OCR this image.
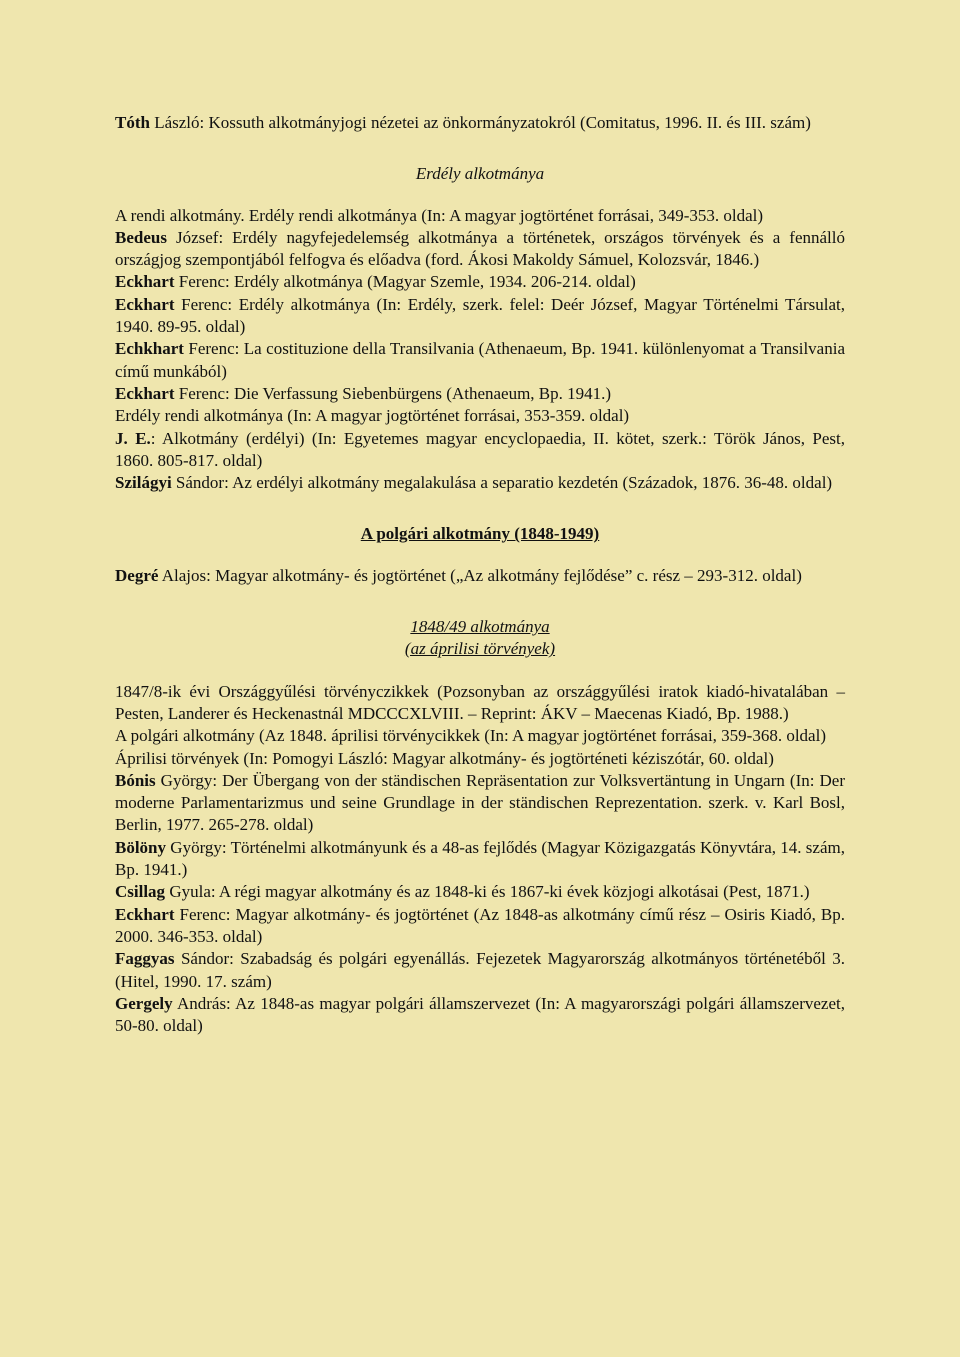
Tóth László: Kossuth alkotmányjogi nézetei az önkormányzatokról (Comitatus, 1996. II. és III. szám)

Erdély alkotmánya

A rendi alkotmány. Erdély rendi alkotmánya (In: A magyar jogtörténet forrásai, 349-353. oldal)

Bedeus József: Erdély nagyfejedelemség alkotmánya a történetek, országos törvények és a fennálló országjog szempontjából felfogva és előadva (ford. Ákosi Makoldy Sámuel, Kolozsvár, 1846.)

Eckhart Ferenc: Erdély alkotmánya (Magyar Szemle, 1934. 206-214. oldal)

Eckhart Ferenc: Erdély alkotmánya (In: Erdély, szerk. felel: Deér József, Magyar Történelmi Társulat, 1940. 89-95. oldal)

Echkhart Ferenc: La costituzione della Transilvania (Athenaeum, Bp. 1941. különlenyomat a Transilvania című munkából)

Eckhart Ferenc: Die Verfassung Siebenbürgens (Athenaeum, Bp. 1941.)

Erdély rendi alkotmánya (In: A magyar jogtörténet forrásai, 353-359. oldal)

J. E.: Alkotmány (erdélyi) (In: Egyetemes magyar encyclopaedia, II. kötet, szerk.: Török János, Pest, 1860. 805-817. oldal)

Szilágyi Sándor: Az erdélyi alkotmány megalakulása a separatio kezdetén (Századok, 1876. 36-48. oldal)

A polgári alkotmány (1848-1949)

Degré Alajos: Magyar alkotmány- és jogtörténet („Az alkotmány fejlődése” c. rész – 293-312. oldal)

1848/49 alkotmánya

(az áprilisi törvények)

1847/8-ik évi Országgyűlési törvényczikkek (Pozsonyban az országgyűlési iratok kiadó-hivatalában – Pesten, Landerer és Heckenastnál MDCCCXLVIII. – Reprint: ÁKV – Maecenas Kiadó, Bp. 1988.)

A polgári alkotmány (Az 1848. áprilisi törvénycikkek (In: A magyar jogtörténet forrásai, 359-368. oldal)

Áprilisi törvények (In: Pomogyi László: Magyar alkotmány- és jogtörténeti kéziszótár, 60. oldal)

Bónis György: Der Übergang von der ständischen Repräsentation zur Volksvertäntung in Ungarn (In: Der moderne Parlamentarizmus und seine Grundlage in der ständischen Reprezentation. szerk. v. Karl Bosl, Berlin, 1977. 265-278. oldal)

Bölöny György: Történelmi alkotmányunk és a 48-as fejlődés (Magyar Közigazgatás Könyvtára, 14. szám, Bp. 1941.)

Csillag Gyula: A régi magyar alkotmány és az 1848-ki és 1867-ki évek közjogi alkotásai (Pest, 1871.)

Eckhart Ferenc: Magyar alkotmány- és jogtörténet (Az 1848-as alkotmány című rész – Osiris Kiadó, Bp. 2000. 346-353. oldal)

Faggyas Sándor: Szabadság és polgári egyenállás. Fejezetek Magyarország alkotmányos történetéből 3. (Hitel, 1990. 17. szám)

Gergely András: Az 1848-as magyar polgári államszervezet (In: A magyarországi polgári államszervezet, 50-80. oldal)
